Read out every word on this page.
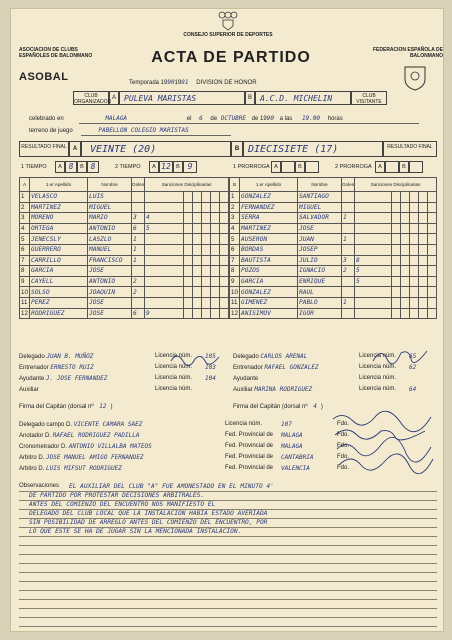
CONSEJO SUPERIOR DE DEPORTES
ASOCIACION DE CLUBS ESPAÑOLES DE BALONMANO
ASOBAL
ACTA DE PARTIDO	FEDERACION ESPAÑOLA DE BALONMANO
Temporada 19901991 DIVISION DE HONOR
CLUB ORGANIZADOR
A	PULEVA MARISTAS	B	A.C.D. MICHELIN	CLUB VISITANTE
celebrado en	MALAGA	el 6 de OCTUBRE de 1990 a las 19.00 horas
terreno de juego	PABELLON COLEGIO MARISTAS
RESULTADO FINAL	A	VEINTE (20)	B DIECISIETE (17)	RESULTADO FINAL
1 TIEMPO	A 8	B 8	2 TIEMPO	A 12 B 9	1 PRORROGA A	B	2 PRORROGA	A	B
A	1.er Apellido	Nombre	Goles	Sanciones Disciplinarias					
1	VELASCO	LUIS							
2	MARTINEZ	MIGUEL							
3	MORENO	MARIO	3	4					
4	ORTEGA	ANTONIO	6	5					
5	JENECSLY	LASZLO	1						
6	GUERRERO	MANUEL	1						
7	CARRILLO	FRANCISCO	1						
8	GARCIA	JOSE							
9	CAYELL	ANTONIO	2						
10	SOLSO	JOAQUIN	2						
11	PEREZ	JOSE							
12	RODRIGUEZ	JOSE	6	9					
B	1.er Apellido	Nombre	Goles	Sanciones Disciplinarias					
1	GONZALEZ	SANTIAGO							
2	FERNANDEZ	MIGUEL							
3	SERRA	SALVADOR	1						
4	MARTINEZ	JOSE							
5	AUSERON	JUAN	1						
6	BORDAS	JOSEP							
7	BAUTISTA	JULIO	3	8					
8	POZOS	IGNACIO	2	5					
9	GARCIA	ENRIQUE		5					
10	GONZALEZ	RAUL							
11	GIMENEZ	PABLO	1						
12	ANISIMOV	IGOR							
Delegado JUAN B. MUÑOZ	Licencia núm. 105
Entrenador ERNESTO RUIZ	Licencia núm. 103
Ayudante J. JOSE FERNANDEZ	Licencia núm. 104
Auxiliar	Licencia núm.
Firma del Capitán (dorsal nº 12 )
Delegado CARLOS ARENAL	Licencia núm. 65
Entrenador RAFAEL GONZALEZ	Licencia núm. 62
Ayudante	Licencia núm.
Auxiliar MARINA RODRIGUEZ	Licencia núm. 64
Firma del Capitán (dorsal nº 4 )
Delegado campo D. VICENTE CAMARA SAEZ	Licencia núm.	107	Fdo.
Anotador D. RAFAEL RODRIGUEZ PADILLA	Fed. Provincial de MALAGA	Fdo.
Cronometrador D. ANTONIO VILLALBA MATEOS	Fed. Provincial de MALAGA	Fdo.
Arbitro D. JOSE MANUEL AMIGO FERNANDEZ	Fed. Provincial de CANTABRIA	Fdo.
Arbitro D. LUIS MIFSUT RODRIGUEZ	Fed. Provincial de VALENCIA	Fdo.
Observaciones	EL AUXILIAR DEL CLUB "A" FUE AMONESTADO EN EL MINUTO 4'
DE PARTIDO POR PROTESTAR DECISIONES ARBITRALES.
ANTES DEL COMIENZO DEL ENCUENTRO NOS MANIFIESTO EL
DELEGADO DEL CLUB LOCAL QUE LA INSTALACION HABIA ESTADO AVERIADA
SIN POSIBILIDAD DE ARREGLO ANTES DEL COMIENZO DEL ENCUENTRO, POR
LO QUE ESTE SE HA DE JUGAR SIN LA MENCIONADA INSTALACION.
